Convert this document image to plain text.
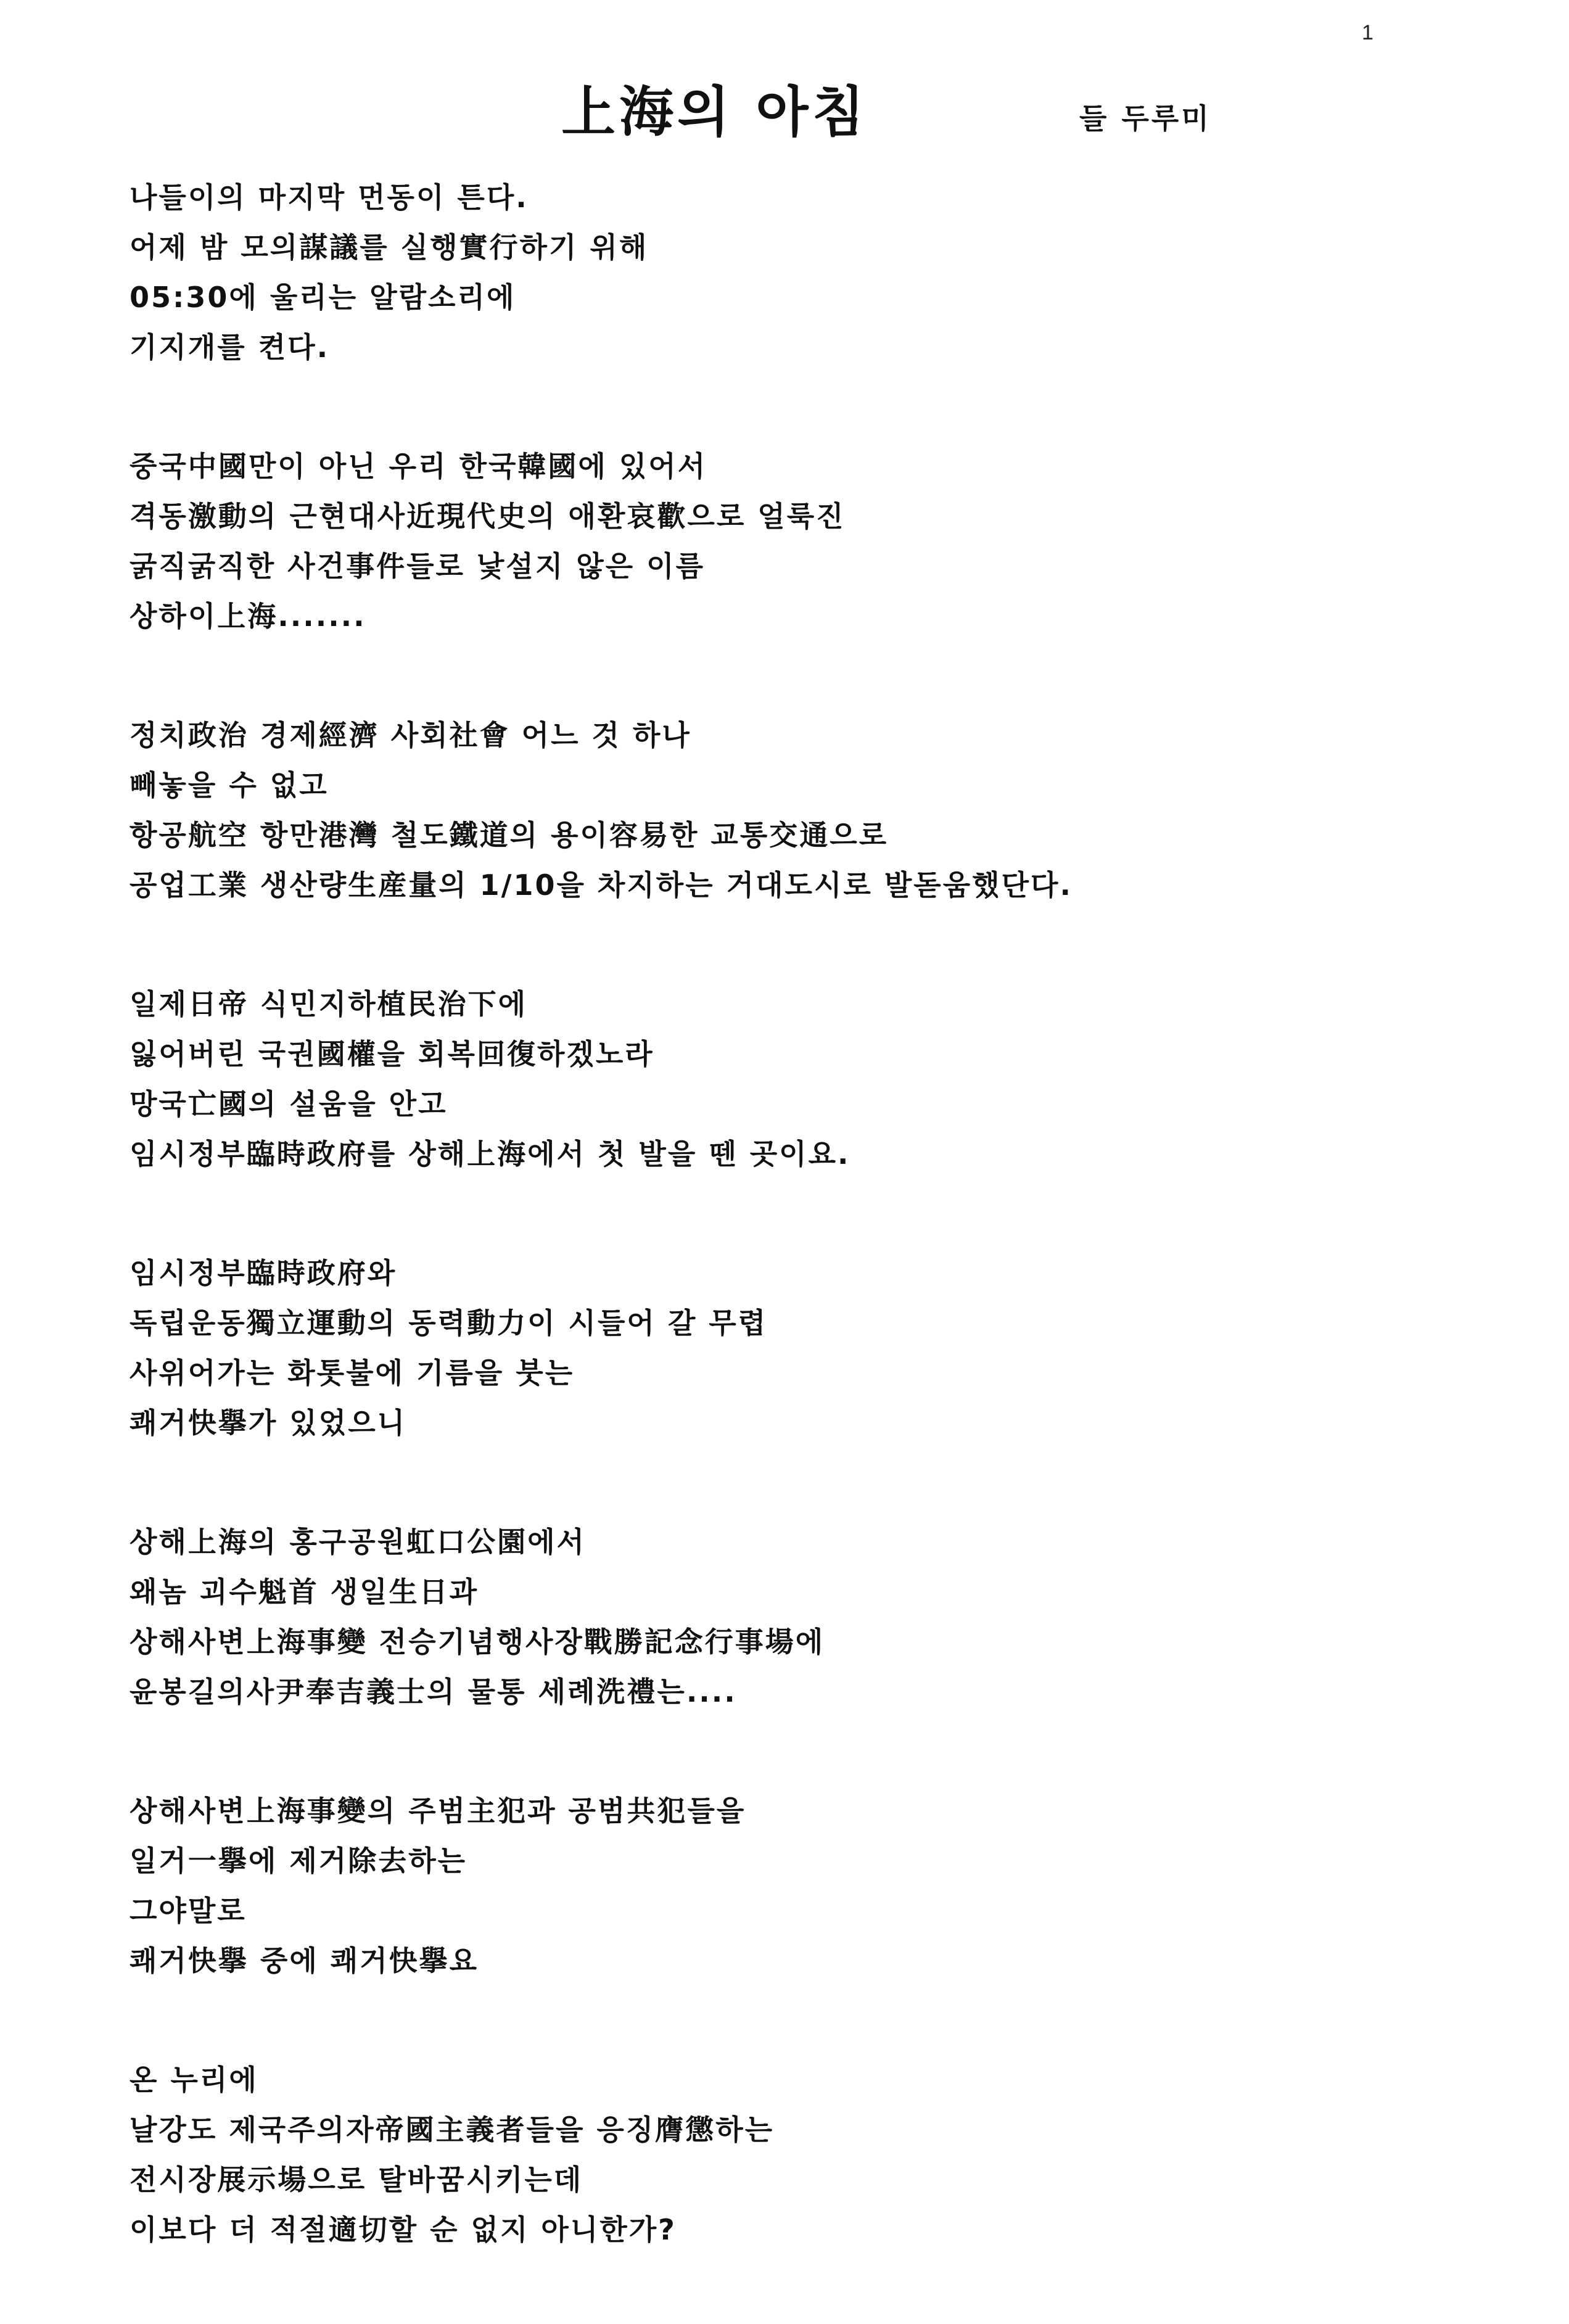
1
上海의 아침	들 두루미
나들이의 마지막 먼동이 튼다.
어제 밤 모의謀議를 실행實行하기 위해
05:30에 울리는 알람소리에
기지개를 켠다.
중국中國만이 아닌 우리 한국韓國에 있어서
격동激動의 근현대사近現代史의 애환哀歡으로 얼룩진
굵직굵직한 사건事件들로 낯설지 않은 이름
상하이上海.......
정치政治 경제經濟 사회社會 어느 것 하나
빼놓을 수 없고
항공航空 항만港灣 철도鐵道의 용이容易한 교통交通으로
공업工業 생산량生産量의 1/10을 차지하는 거대도시로 발돋움했단다.
일제日帝 식민지하植民治下에
잃어버린 국권國權을 회복回復하겠노라
망국亡國의 설움을 안고
임시정부臨時政府를 상해上海에서 첫 발을 뗀 곳이요.
임시정부臨時政府와
독립운동獨立運動의 동력動力이 시들어 갈 무렵
사위어가는 화톳불에 기름을 붓는
쾌거快擧가 있었으니
상해上海의 홍구공원虹口公園에서
왜놈 괴수魁首 생일生日과
상해사변上海事變 전승기념행사장戰勝記念行事場에
윤봉길의사尹奉吉義士의 물통 세례洗禮는....
상해사변上海事變의 주범主犯과 공범共犯들을
일거一擧에 제거除去하는
그야말로
쾌거快擧 중에 쾌거快擧요
온 누리에
날강도 제국주의자帝國主義者들을 응징膺懲하는
전시장展示場으로 탈바꿈시키는데
이보다 더 적절適切할 순 없지 아니한가?
